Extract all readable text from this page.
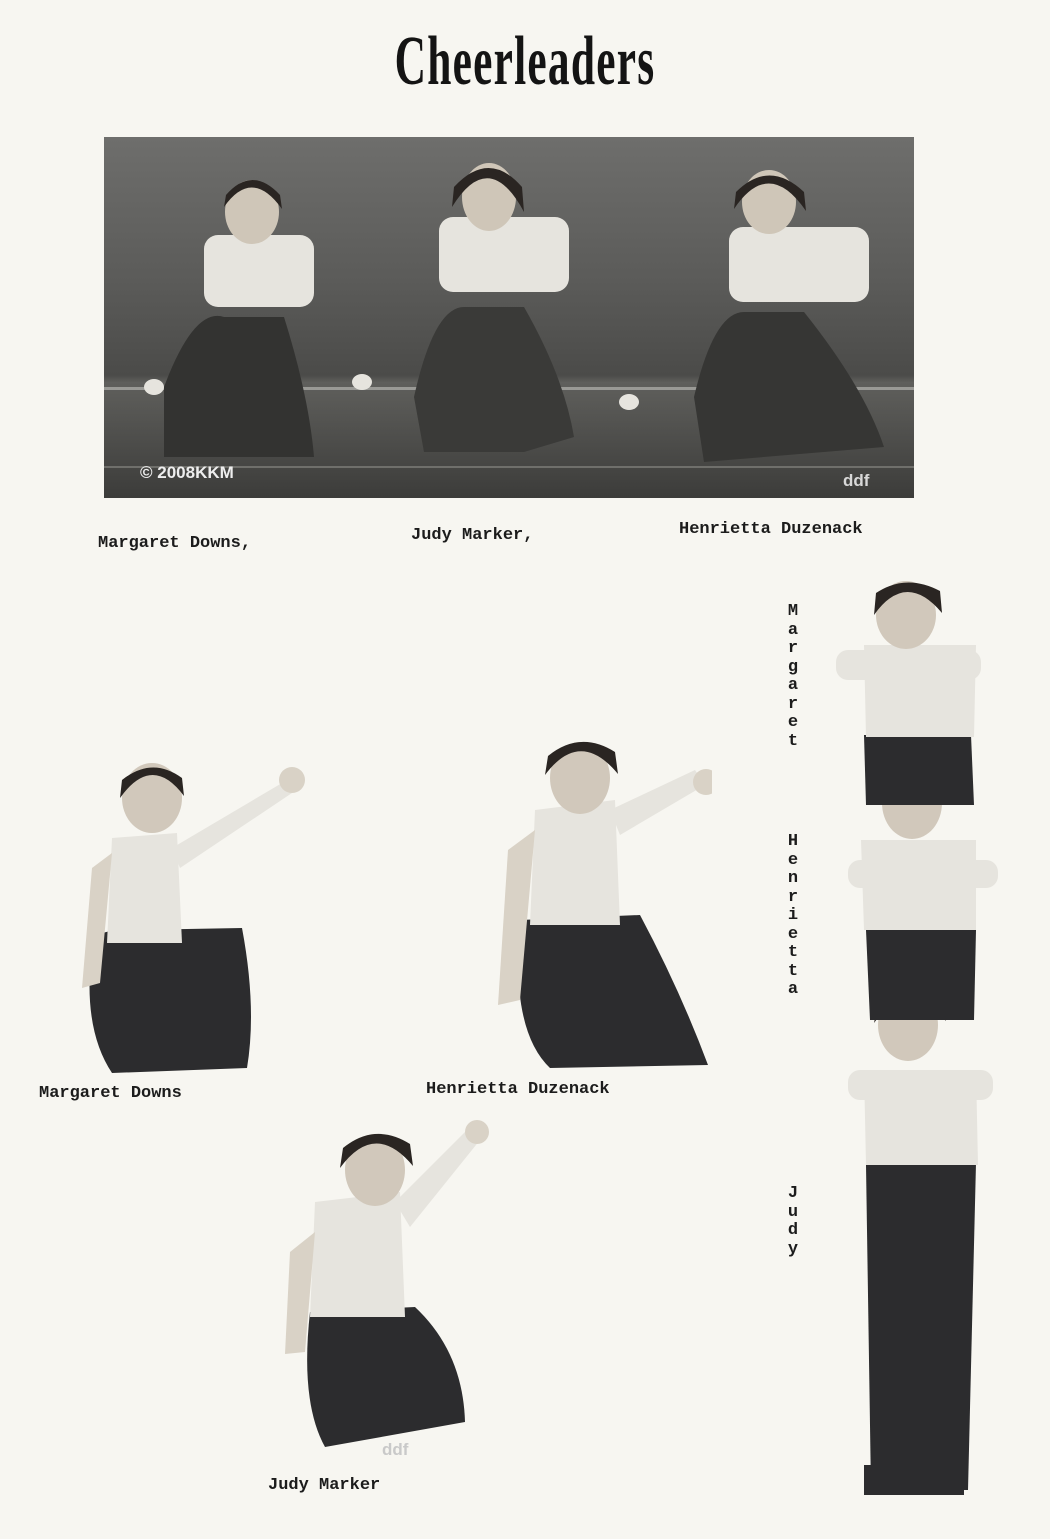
Cheerleaders
© 2008KKM	ddf
Margaret Downs,	Judy Marker,	Henrietta Duzenack
Margaret Downs	Henrietta Duzenack
ddf
Judy Marker
M
a
r
g
a
r
e
t
H
e
n
r
i
e
t
t
a
J
u
d
y
